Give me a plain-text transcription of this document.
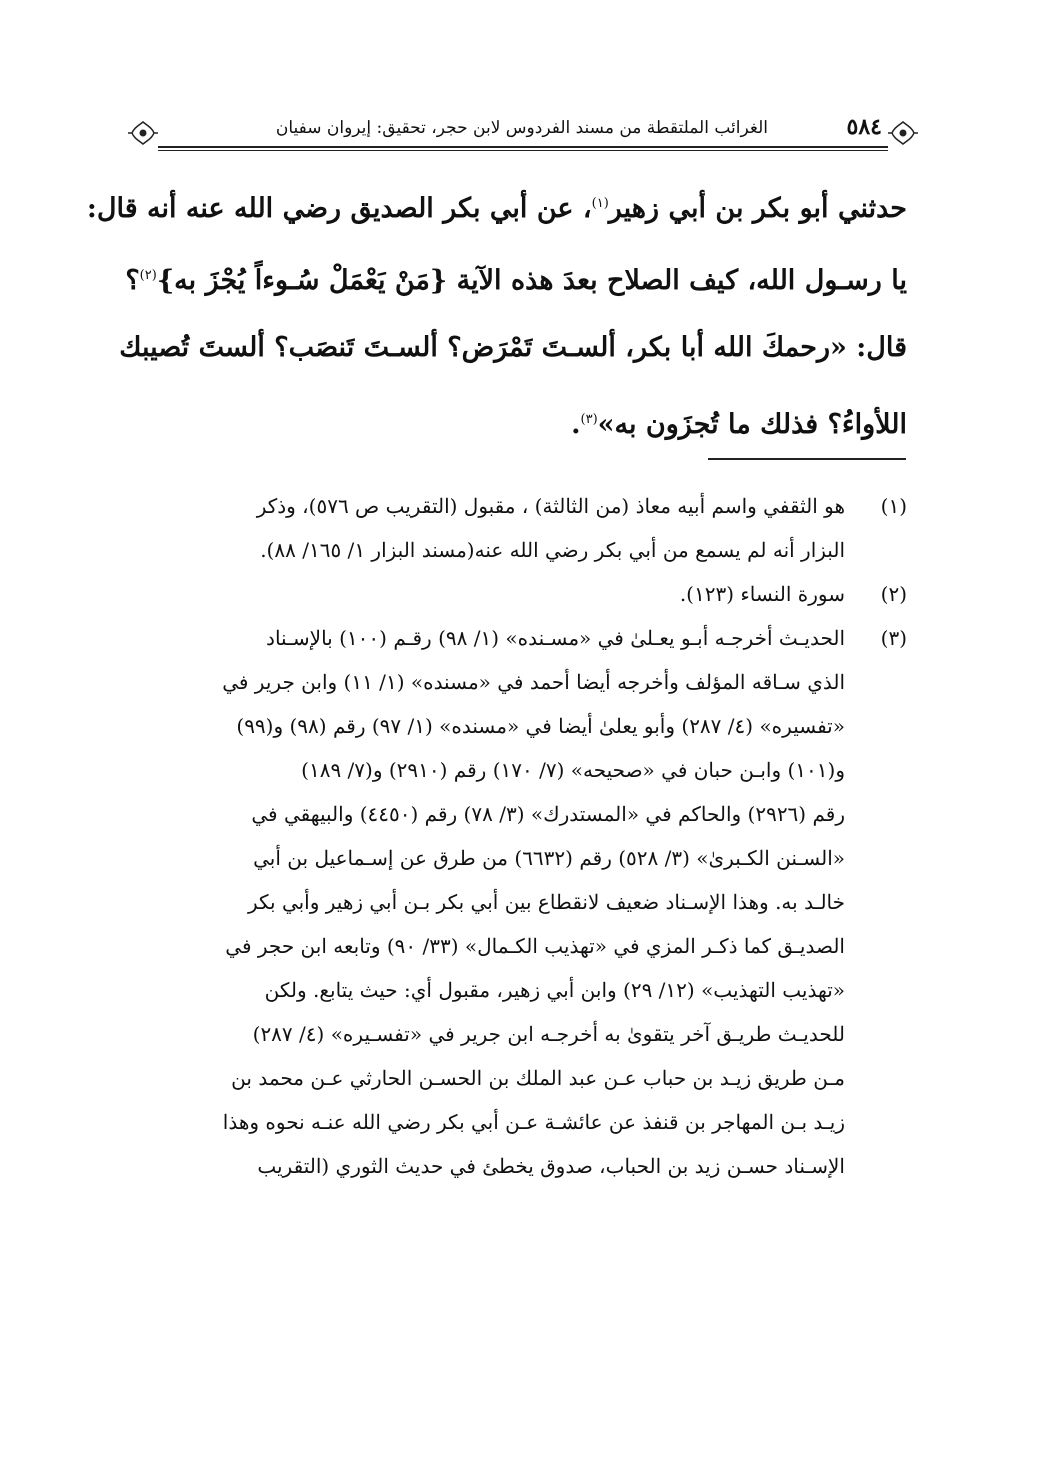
الغرائب الملتقطة من مسند الفردوس لابن حجر، تحقيق: إيروان سفيان	٥٨٤
حدثني أبو بكر بن أبي زهير$^{(١)}$، عن أبي بكر الصديق رضي الله عنه أنه قال:
يا رسـول الله، كيف الصلاح بعدَ هذه الآية {مَنْ يَعْمَلْ سُـوءاً يُجْزَ به}$^{(٢)}$؟
قال: «رحمكَ الله أبا بكر، ألسـتَ تَمْرَض؟ ألسـتَ تَنصَب؟ ألستَ تُصيبك
اللأواءُ؟ فذلك ما تُجزَون به»$^{(٣)}$.
(١)
هو الثقفي واسم أبيه معاذ (من الثالثة) ، مقبول (التقريب ص ٥٧٦)، وذكر
البزار أنه لم يسمع من أبي بكر رضي الله عنه(مسند البزار ١/ ١٦٥/ ٨٨).
(٢)
سورة النساء (١٢٣).
(٣)
الحديـث أخرجـه أبـو يعـلىٰ في «مسـنده» (١/ ٩٨) رقـم (١٠٠) بالإسـناد
الذي سـاقه المؤلف وأخرجه أيضا أحمد في «مسنده» (١/ ١١) وابن جرير في
«تفسيره» (٤/ ٢٨٧) وأبو يعلىٰ أيضا في «مسنده» (١/ ٩٧) رقم (٩٨) و(٩٩)
و(١٠١) وابـن حبان في «صحيحه» (٧/ ١٧٠) رقم (٢٩١٠) و(٧/ ١٨٩)
رقم (٢٩٢٦) والحاكم في «المستدرك» (٣/ ٧٨) رقم (٤٤٥٠) والبيهقي في
«السـنن الكـبرىٰ» (٣/ ٥٢٨) رقم (٦٦٣٢) من طرق عن إسـماعيل بن أبي
خالـد به. وهذا الإسـناد ضعيف لانقطاع بين أبي بكر بـن أبي زهير وأبي بكر
الصديـق كما ذكـر المزي في «تهذيب الكـمال» (٣٣/ ٩٠) وتابعه ابن حجر في
«تهذيب التهذيب» (١٢/ ٢٩) وابن أبي زهير، مقبول أي: حيث يتابع. ولكن
للحديـث طريـق آخر يتقوىٰ به أخرجـه ابن جرير في «تفسـيره» (٤/ ٢٨٧)
مـن طريق زيـد بن حباب عـن عبد الملك بن الحسـن الحارثي عـن محمد بن
زيـد بـن المهاجر بن قنفذ عن عائشـة عـن أبي بكر رضي الله عنـه نحوه وهذا
الإسـناد حسـن زيد بن الحباب، صدوق يخطئ في حديث الثوري (التقريب
